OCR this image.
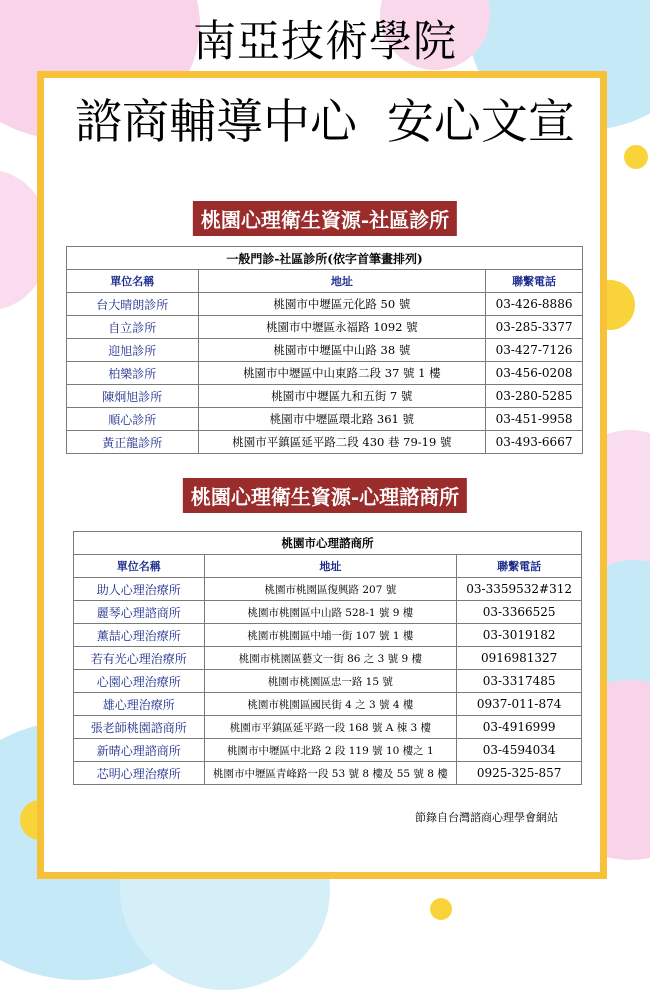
南亞技術學院
諮商輔導中心  安心文宣
桃園心理衛生資源-社區診所
一般門診-社區診所(依字首筆畫排列)		
單位名稱	地址	聯繫電話
台大晴朗診所	桃園市中壢區元化路 50 號	03-426-8886
自立診所	桃園市中壢區永福路 1092 號	03-285-3377
迎旭診所	桃園市中壢區中山路 38 號	03-427-7126
柏樂診所	桃園市中壢區中山東路二段 37 號 1 樓	03-456-0208
陳炯旭診所	桃園市中壢區九和五街 7 號	03-280-5285
順心診所	桃園市中壢區環北路 361 號	03-451-9958
黃正龍診所	桃園市平鎮區延平路二段 430 巷 79-19 號	03-493-6667
桃園心理衛生資源-心理諮商所
桃園市心理諮商所		
單位名稱	地址	聯繫電話
助人心理治療所	桃園市桃園區復興路 207 號	03-3359532#312
麗琴心理諮商所	桃園市桃園區中山路 528-1 號 9 樓	03-3366525
薰喆心理治療所	桃園市桃園區中埔一街 107 號 1 樓	03-3019182
若有光心理治療所	桃園市桃園區藝文一街 86 之 3 號 9 樓	0916981327
心園心理治療所	桃園市桃園區忠一路 15 號	03-3317485
雄心理治療所	桃園市桃園區國民街 4 之 3 號 4 樓	0937-011-874
張老師桃園諮商所	桃園市平鎮區延平路一段 168 號 A 棟 3 樓	03-4916999
新晴心理諮商所	桃園市中壢區中北路 2 段 119 號 10 樓之 1	03-4594034
芯明心理治療所	桃園市中壢區青峰路一段 53 號 8 樓及 55 號 8 樓	0925-325-857
節錄自台灣諮商心理學會網站
